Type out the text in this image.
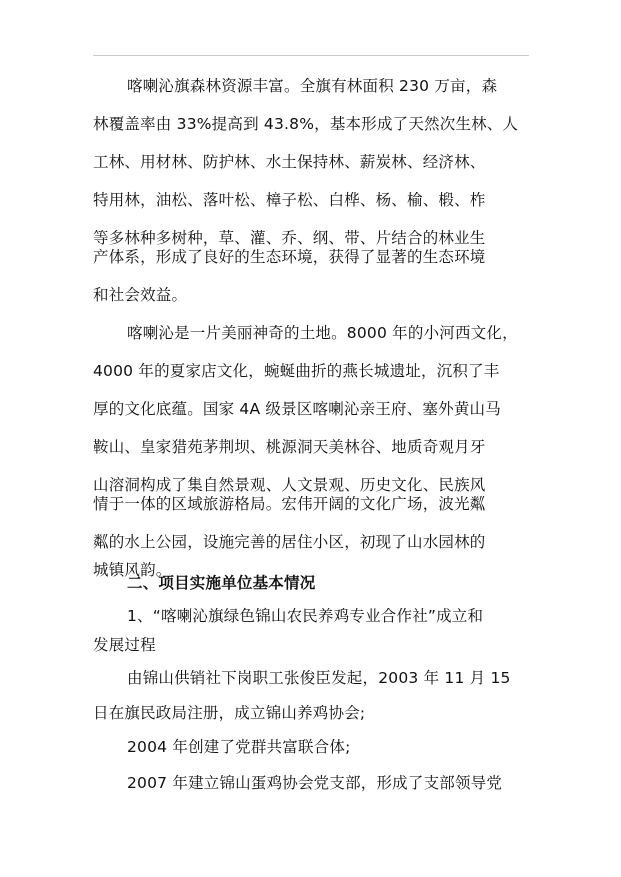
喀喇沁旗森林资源丰富。全旗有林面积 230 万亩，森
林覆盖率由 33%提高到 43.8%，基本形成了天然次生林、人
工林、用材林、防护林、水土保持林、薪炭林、经济林、
特用林，油松、落叶松、樟子松、白桦、杨、榆、椴、柞
等多林种多树种，草、灌、乔、纲、带、片结合的林业生
产体系，形成了良好的生态环境，获得了显著的生态环境
和社会效益。
喀喇沁是一片美丽神奇的土地。8000 年的小河西文化，
4000 年的夏家店文化，蜿蜒曲折的燕长城遗址，沉积了丰
厚的文化底蕴。国家 4A 级景区喀喇沁亲王府、塞外黄山马
鞍山、皇家猎苑茅荆坝、桃源洞天美林谷、地质奇观月牙
山溶洞构成了集自然景观、人文景观、历史文化、民族风
情于一体的区域旅游格局。宏伟开阔的文化广场，波光粼
粼的水上公园，设施完善的居住小区，初现了山水园林的
城镇风韵。
二、项目实施单位基本情况
1、“喀喇沁旗绿色锦山农民养鸡专业合作社”成立和
发展过程
由锦山供销社下岗职工张俊臣发起，2003 年 11 月 15
日在旗民政局注册，成立锦山养鸡协会;
2004 年创建了党群共富联合体;
2007 年建立锦山蛋鸡协会党支部，形成了支部领导党
